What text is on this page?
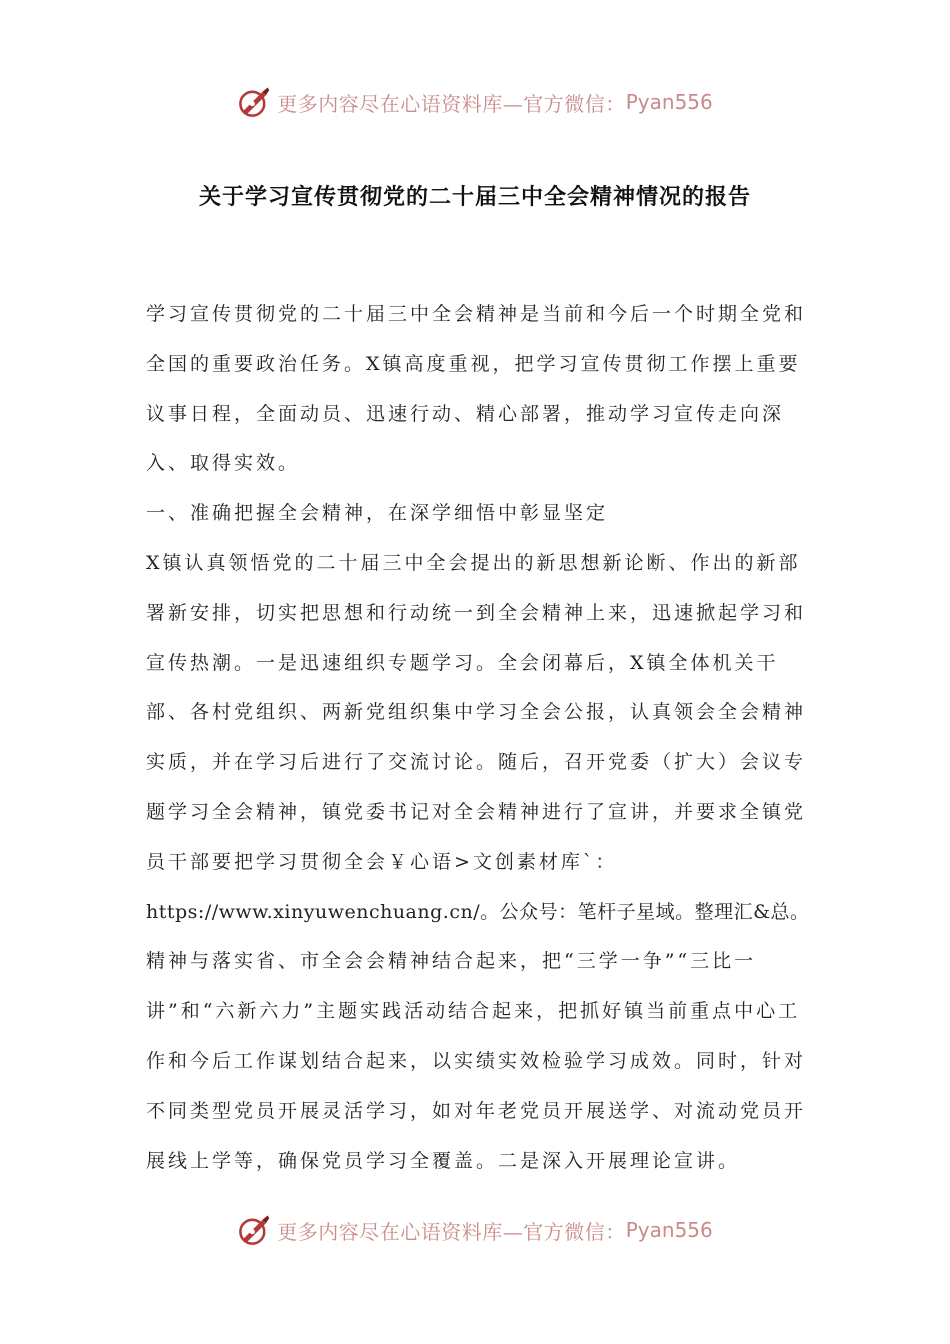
更多内容尽在心语资料库—官方微信： Pyan556
关于学习宣传贯彻党的二十届三中全会精神情况的报告

学习宣传贯彻党的二十届三中全会精神是当前和今后一个时期全党和全国的重要政治任务。X镇高度重视，把学习宣传贯彻工作摆上重要议事日程，全面动员、迅速行动、精心部署，推动学习宣传走向深入、取得实效。

一、准确把握全会精神，在深学细悟中彰显坚定

X镇认真领悟党的二十届三中全会提出的新思想新论断、作出的新部署新安排，切实把思想和行动统一到全会精神上来，迅速掀起学习和宣传热潮。一是迅速组织专题学习。全会闭幕后，X镇全体机关干部、各村党组织、两新党组织集中学习全会公报，认真领会全会精神实质，并在学习后进行了交流讨论。随后，召开党委（扩大）会议专题学习全会精神，镇党委书记对全会精神进行了宣讲，并要求全镇党员干部要把学习贯彻全会￥心语>文创素材库`：

https://www.xinyuwenchuang.cn/。公众号：笔杆子星域。整理汇&总。

精神与落实省、市全会会精神结合起来，把“三学一争”“三比一讲”和“六新六力”主题实践活动结合起来，把抓好镇当前重点中心工作和今后工作谋划结合起来，以实绩实效检验学习成效。同时，针对不同类型党员开展灵活学习，如对年老党员开展送学、对流动党员开展线上学等，确保党员学习全覆盖。二是深入开展理论宣讲。

更多内容尽在心语资料库—官方微信： Pyan556
